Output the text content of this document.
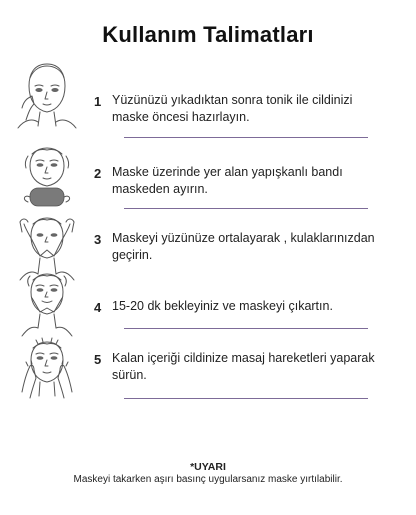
Kullanım Talimatları
1 Yüzünüzü yıkadıktan sonra tonik ile cildinizi maske öncesi hazırlayın.
2 Maske üzerinde yer alan yapışkanlı bandı maskeden ayırın.
3 Maskeyi yüzünüze ortalayarak , kulaklarınızdan geçirin.
4 15-20 dk bekleyiniz ve maskeyi çıkartın.
5 Kalan içeriği cildinize masaj hareketleri yaparak sürün.
*UYARI
Maskeyi takarken aşırı basınç uygularsanız maske yırtılabilir.
